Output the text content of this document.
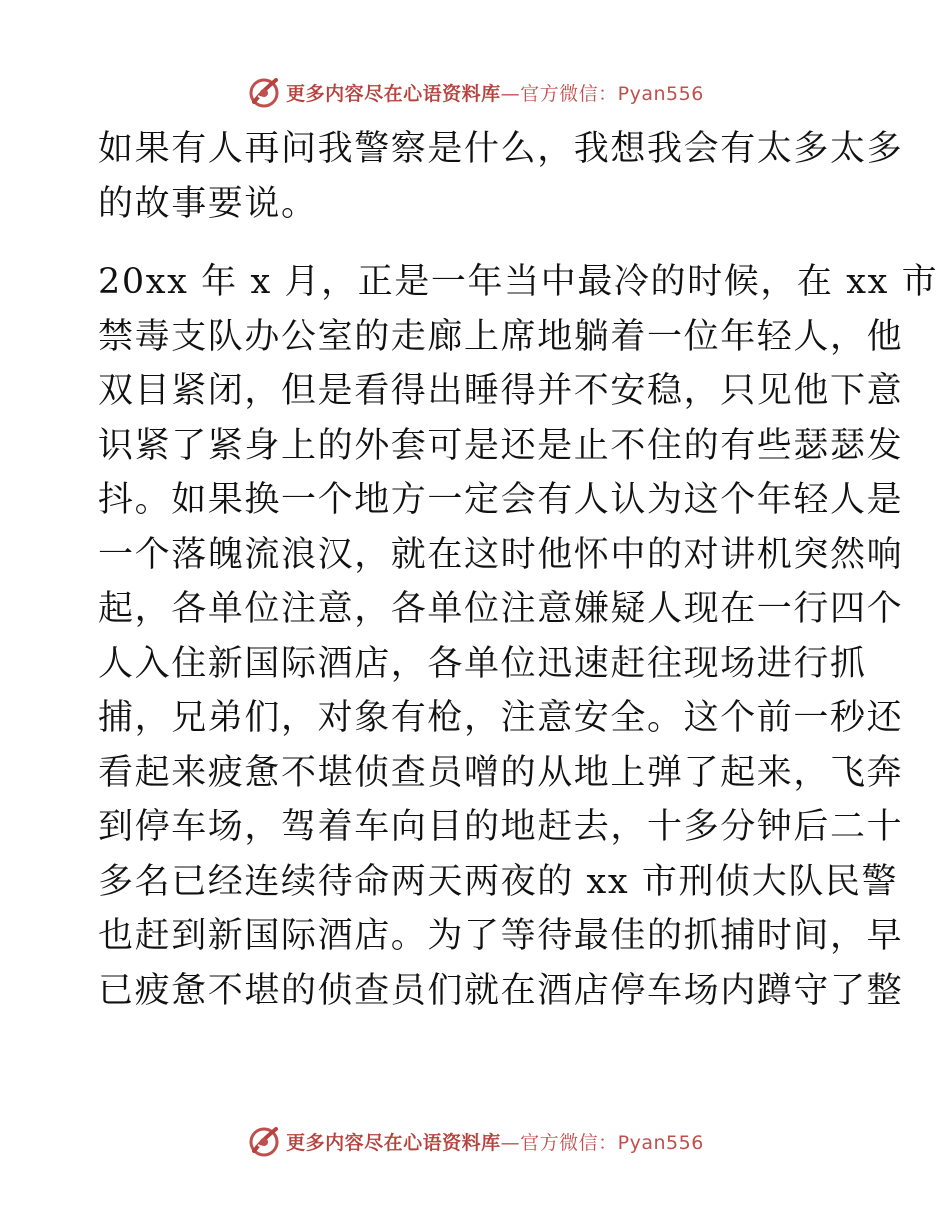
更多内容尽在心语资料库—官方微信：Pyan556
如果有人再问我警察是什么，我想我会有太多太多
的故事要说。
20xx 年 x 月，正是一年当中最冷的时候，在 xx 市
禁毒支队办公室的走廊上席地躺着一位年轻人，他
双目紧闭，但是看得出睡得并不安稳，只见他下意
识紧了紧身上的外套可是还是止不住的有些瑟瑟发
抖。如果换一个地方一定会有人认为这个年轻人是
一个落魄流浪汉，就在这时他怀中的对讲机突然响
起，各单位注意，各单位注意嫌疑人现在一行四个
人入住新国际酒店，各单位迅速赶往现场进行抓
捕，兄弟们，对象有枪，注意安全。这个前一秒还
看起来疲惫不堪侦查员噌的从地上弹了起来，飞奔
到停车场，驾着车向目的地赶去，十多分钟后二十
多名已经连续待命两天两夜的 xx 市刑侦大队民警
也赶到新国际酒店。为了等待最佳的抓捕时间，早
已疲惫不堪的侦查员们就在酒店停车场内蹲守了整
更多内容尽在心语资料库—官方微信：Pyan556
